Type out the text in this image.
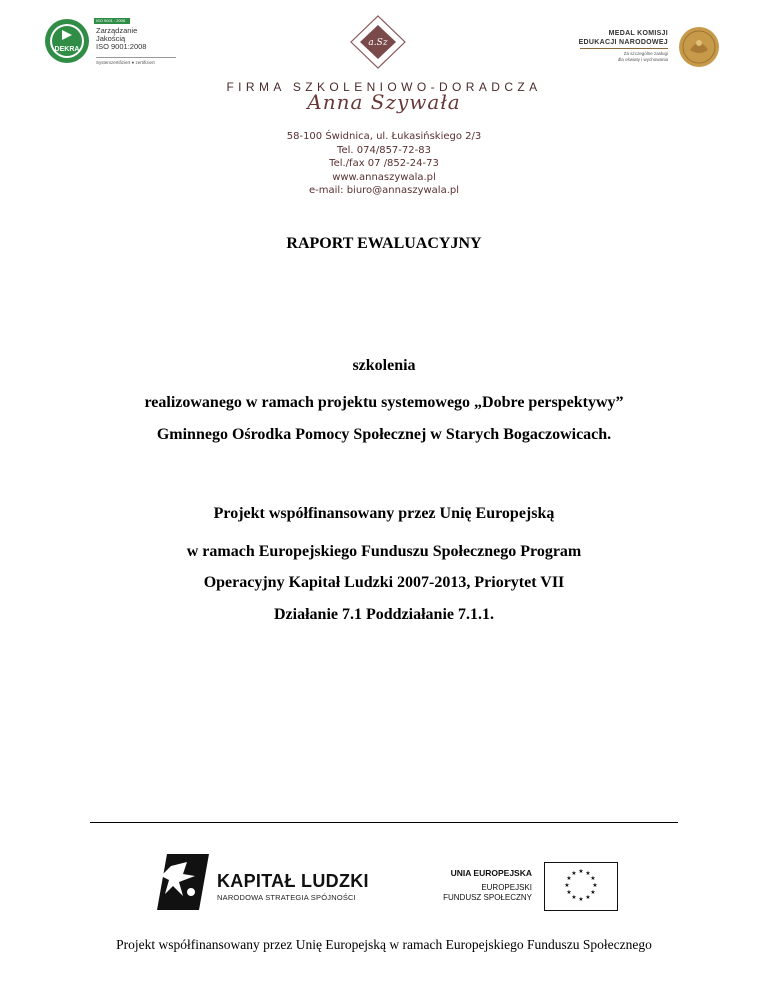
DEKRA
ISO 9001 : 2008
Zarządzanie
Jakością
ISO 9001:2008
Systemzertifiziert ● zertifiziert
a.Sz
MEDAL KOMISJI
EDUKACJI NARODOWEJ
Za szczególne zasługi
dla oświaty i wychowania
FIRMA SZKOLENIOWO-DORADCZA
Anna Szywała
58-100 Świdnica, ul. Łukasińskiego 2/3
Tel. 074/857-72-83
Tel./fax 07 /852-24-73
www.annaszywala.pl
e-mail: biuro@annaszywala.pl
RAPORT EWALUACYJNY
szkolenia
realizowanego w ramach projektu systemowego „Dobre perspektywy”
Gminnego Ośrodka Pomocy Społecznej w Starych Bogaczowicach.
Projekt współfinansowany przez Unię Europejską
w ramach Europejskiego Funduszu Społecznego Program
Operacyjny Kapitał Ludzki 2007-2013, Priorytet VII
Działanie 7.1 Poddziałanie 7.1.1.
KAPITAŁ LUDZKI
NARODOWA STRATEGIA SPÓJNOŚCI
UNIA EUROPEJSKA
EUROPEJSKI
FUNDUSZ SPOŁECZNY
★ ★
★
★
★
★
★
★
★
★
★
★
Projekt współfinansowany przez Unię Europejską w ramach Europejskiego Funduszu Społecznego
